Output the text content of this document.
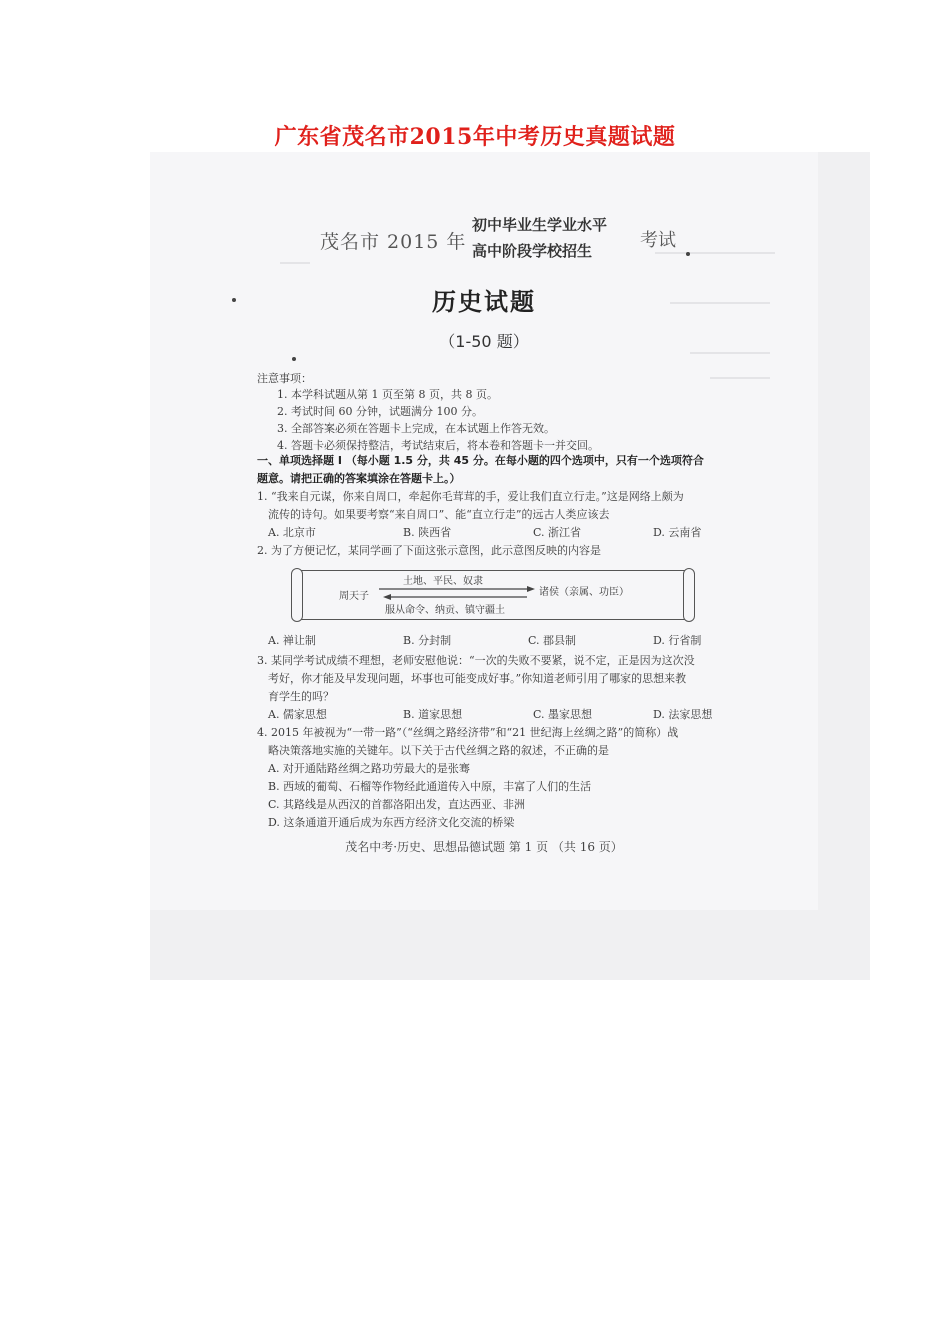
广东省茂名市2015年中考历史真题试题
茂名市 2015 年
初中毕业生学业水平
高中阶段学校招生	考试
历史试题
（1-50 题）
注意事项：
1. 本学科试题从第 1 页至第 8 页，共 8 页。
2. 考试时间 60 分钟，试题满分 100 分。
3. 全部答案必须在答题卡上完成，在本试题上作答无效。
4. 答题卡必须保持整洁，考试结束后，将本卷和答题卡一并交回。
一、单项选择题 I （每小题 1.5 分，共 45 分。在每小题的四个选项中，只有一个选项符合
题意。请把正确的答案填涂在答题卡上。）
1. “我来自元谋，你来自周口，牵起你毛茸茸的手，爱让我们直立行走。”这是网络上颇为
流传的诗句。如果要考察“来自周口”、能“直立行走”的远古人类应该去
A. 北京市	B. 陕西省	C. 浙江省	D. 云南省
2. 为了方便记忆，某同学画了下面这张示意图，此示意图反映的内容是
土地、平民、奴隶
周天子	诸侯（亲属、功臣）
服从命令、纳贡、镇守疆土
A. 禅让制	B. 分封制	C. 郡县制	D. 行省制
3. 某同学考试成绩不理想，老师安慰他说：“一次的失败不要紧，说不定，正是因为这次没
考好，你才能及早发现问题，坏事也可能变成好事。”你知道老师引用了哪家的思想来教
育学生的吗？
A. 儒家思想	B. 道家思想	C. 墨家思想	D. 法家思想
4. 2015 年被视为“一带一路”（“丝绸之路经济带”和“21 世纪海上丝绸之路”的简称）战
略决策落地实施的关键年。以下关于古代丝绸之路的叙述，不正确的是
A. 对开通陆路丝绸之路功劳最大的是张骞
B. 西域的葡萄、石榴等作物经此通道传入中原，丰富了人们的生活
C. 其路线是从西汉的首都洛阳出发，直达西亚、非洲
D. 这条通道开通后成为东西方经济文化交流的桥梁
茂名中考·历史、思想品德试题 第 1 页 （共 16 页）
